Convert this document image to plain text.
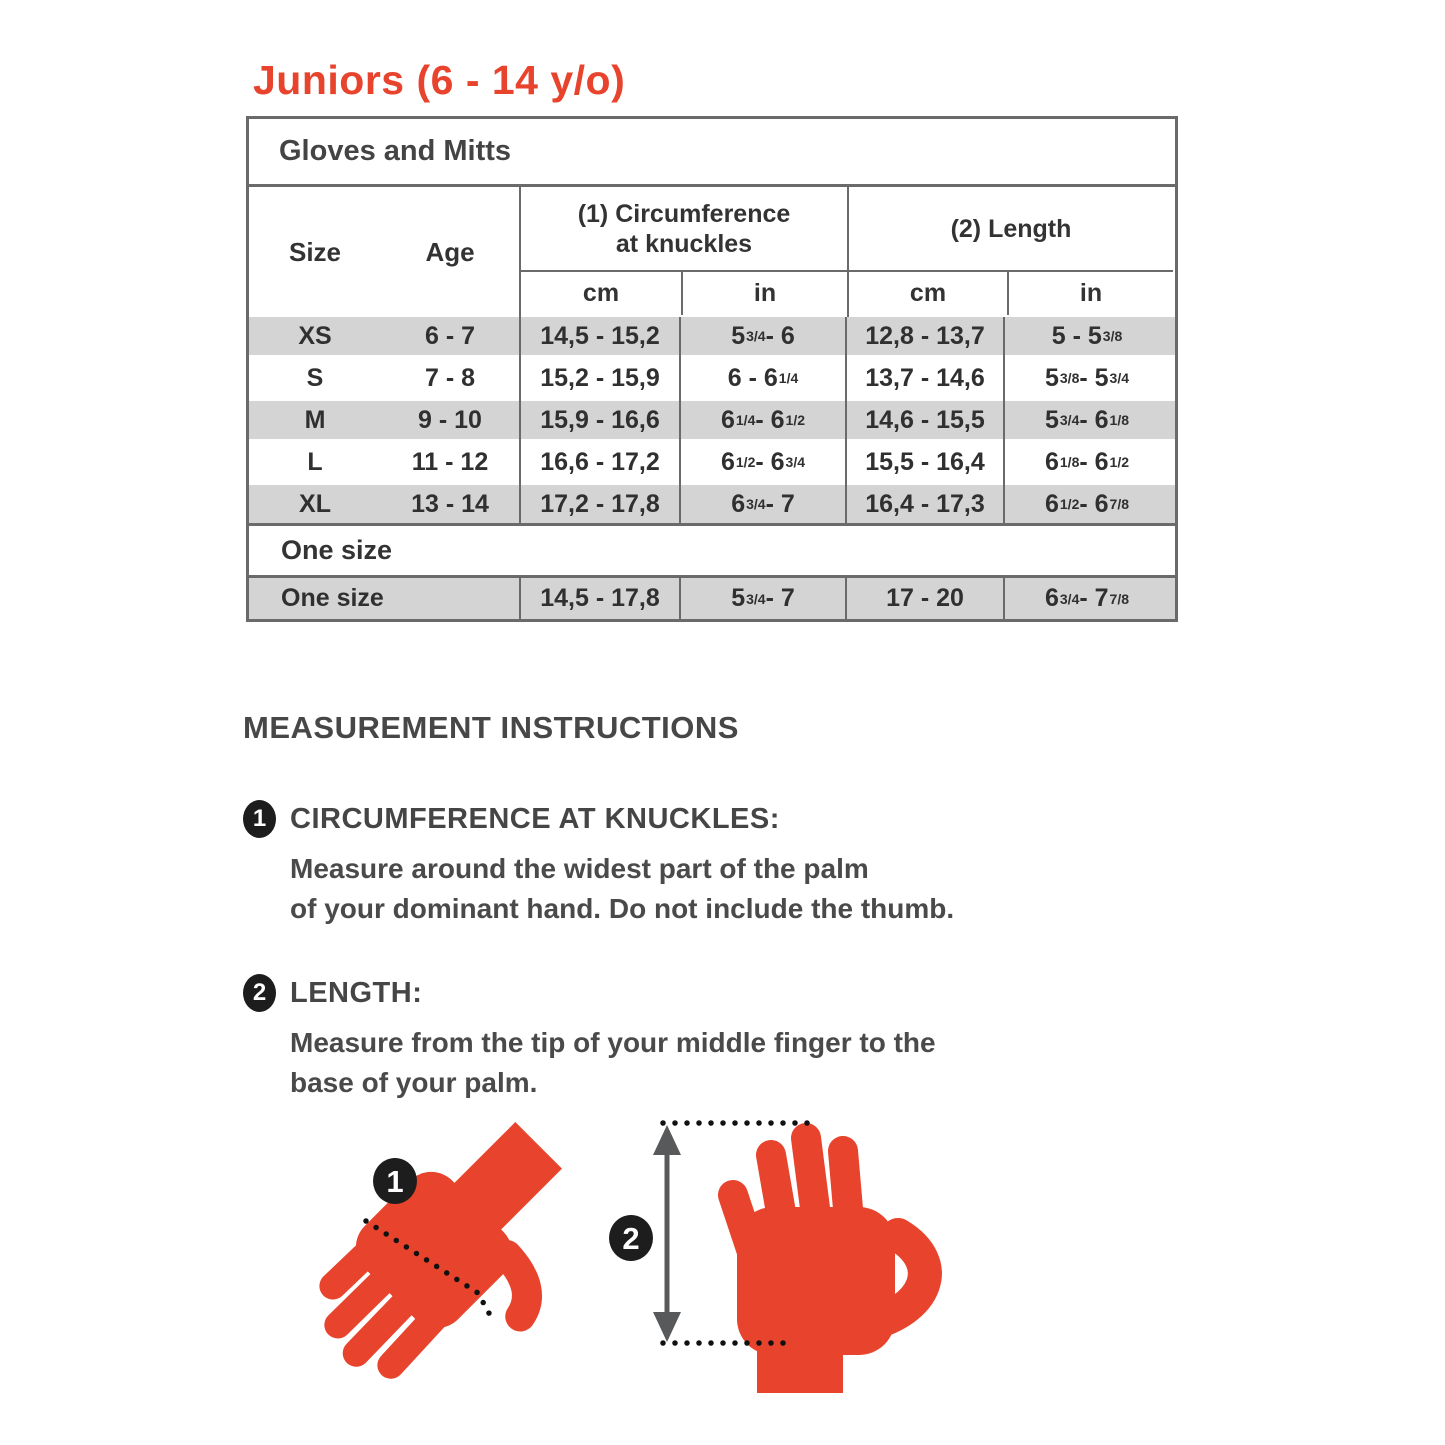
Juniors (6 - 14 y/o)
Gloves and Mitts
Size	Age
(1) Circumference at knuckles
cm	in
(2) Length
cm	in
XS	6 - 7	14,5 - 15,2	5 3/4 - 6	12,8 - 13,7	5 - 5 3/8
S	7 - 8	15,2 - 15,9	6 - 6 1/4	13,7 - 14,6	5 3/8 - 5 3/4
M	9 - 10	15,9 - 16,6	6 1/4 - 6 1/2	14,6 - 15,5	5 3/4 - 6 1/8
L	11 - 12	16,6 - 17,2	6 1/2 - 6 3/4	15,5 - 16,4	6 1/8 - 6 1/2
XL	13 - 14	17,2 - 17,8	6 3/4 - 7	16,4 - 17,3	6 1/2 - 6 7/8
One size
One size	14,5 - 17,8	5 3/4 - 7	17 - 20	6 3/4 - 7 7/8
MEASUREMENT INSTRUCTIONS
1 CIRCUMFERENCE AT KNUCKLES:
Measure around the widest part of the palm
of your dominant hand. Do not include the thumb.
2 LENGTH:
Measure from the tip of your middle finger to the
base of your palm.
1
2
